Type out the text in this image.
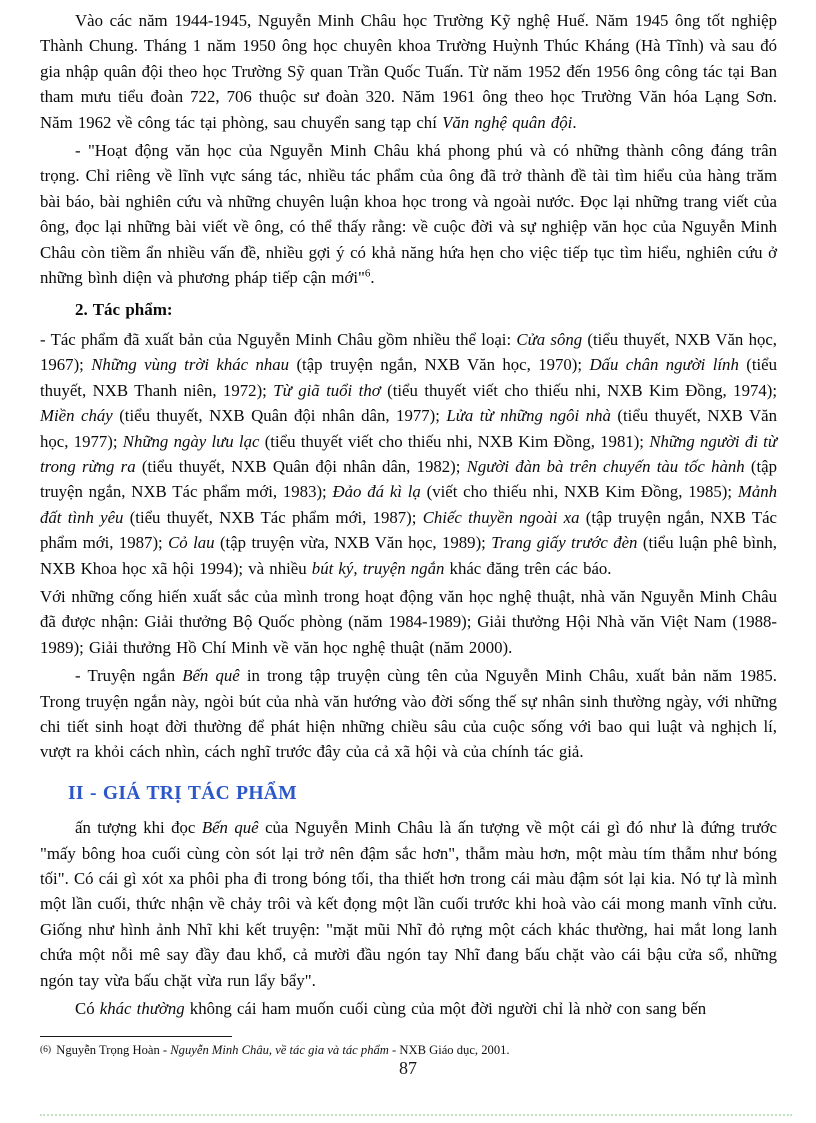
Vào các năm 1944-1945, Nguyễn Minh Châu học Trường Kỹ nghệ Huế. Năm 1945 ông tốt nghiệp Thành Chung. Tháng 1 năm 1950 ông học chuyên khoa Trường Huỳnh Thúc Kháng (Hà Tĩnh) và sau đó gia nhập quân đội theo học Trường Sỹ quan Trần Quốc Tuấn. Từ năm 1952 đến 1956 ông công tác tại Ban tham mưu tiểu đoàn 722, 706 thuộc sư đoàn 320. Năm 1961 ông theo học Trường Văn hóa Lạng Sơn. Năm 1962 về công tác tại phòng, sau chuyển sang tạp chí Văn nghệ quân đội.

- "Hoạt động văn học của Nguyễn Minh Châu khá phong phú và có những thành công đáng trân trọng. Chỉ riêng về lĩnh vực sáng tác, nhiều tác phẩm của ông đã trở thành đề tài tìm hiểu của hàng trăm bài báo, bài nghiên cứu và những chuyên luận khoa học trong và ngoài nước. Đọc lại những trang viết của ông, đọc lại những bài viết về ông, có thể thấy rằng: về cuộc đời và sự nghiệp văn học của Nguyễn Minh Châu còn tiềm ẩn nhiều vấn đề, nhiều gợi ý có khả năng hứa hẹn cho việc tiếp tục tìm hiểu, nghiên cứu ở những bình diện và phương pháp tiếp cận mới"$^6$.

2. Tác phẩm:

- Tác phẩm đã xuất bản của Nguyễn Minh Châu gồm nhiều thể loại: Cửa sông (tiểu thuyết, NXB Văn học, 1967); Những vùng trời khác nhau (tập truyện ngắn, NXB Văn học, 1970); Dấu chân người lính (tiểu thuyết, NXB Thanh niên, 1972); Từ giã tuổi thơ (tiểu thuyết viết cho thiếu nhi, NXB Kim Đồng, 1974); Miền cháy (tiểu thuyết, NXB Quân đội nhân dân, 1977); Lửa từ những ngôi nhà (tiểu thuyết, NXB Văn học, 1977); Những ngày lưu lạc (tiểu thuyết viết cho thiếu nhi, NXB Kim Đồng, 1981); Những người đi từ trong rừng ra (tiểu thuyết, NXB Quân đội nhân dân, 1982); Người đàn bà trên chuyến tàu tốc hành (tập truyện ngắn, NXB Tác phẩm mới, 1983); Đảo đá kì lạ (viết cho thiếu nhi, NXB Kim Đồng, 1985); Mảnh đất tình yêu (tiểu thuyết, NXB Tác phẩm mới, 1987); Chiếc thuyền ngoài xa (tập truyện ngắn, NXB Tác phẩm mới, 1987); Cỏ lau (tập truyện vừa, NXB Văn học, 1989); Trang giấy trước đèn (tiểu luận phê bình, NXB Khoa học xã hội 1994); và nhiều bút ký, truyện ngắn khác đăng trên các báo.

Với những cống hiến xuất sắc của mình trong hoạt động văn học nghệ thuật, nhà văn Nguyễn Minh Châu đã được nhận: Giải thưởng Bộ Quốc phòng (năm 1984-1989); Giải thưởng Hội Nhà văn Việt Nam (1988-1989); Giải thưởng Hồ Chí Minh về văn học nghệ thuật (năm 2000).

- Truyện ngắn Bến quê in trong tập truyện cùng tên của Nguyễn Minh Châu, xuất bản năm 1985. Trong truyện ngắn này, ngòi bút của nhà văn hướng vào đời sống thế sự nhân sinh thường ngày, với những chi tiết sinh hoạt đời thường để phát hiện những chiều sâu của cuộc sống với bao qui luật và nghịch lí, vượt ra khỏi cách nhìn, cách nghĩ trước đây của cả xã hội và của chính tác giả.

II - GIÁ TRỊ TÁC PHẨM

ấn tượng khi đọc Bến quê của Nguyễn Minh Châu là ấn tượng về một cái gì đó như là đứng trước "mấy bông hoa cuối cùng còn sót lại trở nên đậm sắc hơn", thẫm màu hơn, một màu tím thẫm như bóng tối". Có cái gì xót xa phôi pha đi trong bóng tối, tha thiết hơn trong cái màu đậm sót lại kia. Nó tự là mình một lần cuối, thức nhận về chảy trôi và kết đọng một lần cuối trước khi hoà vào cái mong manh vĩnh cửu. Giống như hình ảnh Nhĩ khi kết truyện: "mặt mũi Nhĩ đỏ rựng một cách khác thường, hai mắt long lanh chứa một nỗi mê say đầy đau khổ, cả mười đầu ngón tay Nhĩ đang bấu chặt vào cái bậu cửa sổ, những ngón tay vừa bấu chặt vừa run lẩy bẩy".

Có khác thường không cái ham muốn cuối cùng của một đời người chỉ là nhờ con sang bến

(6) Nguyễn Trọng Hoàn - Nguyễn Minh Châu, về tác gia và tác phẩm - NXB Giáo dục, 2001.
87
